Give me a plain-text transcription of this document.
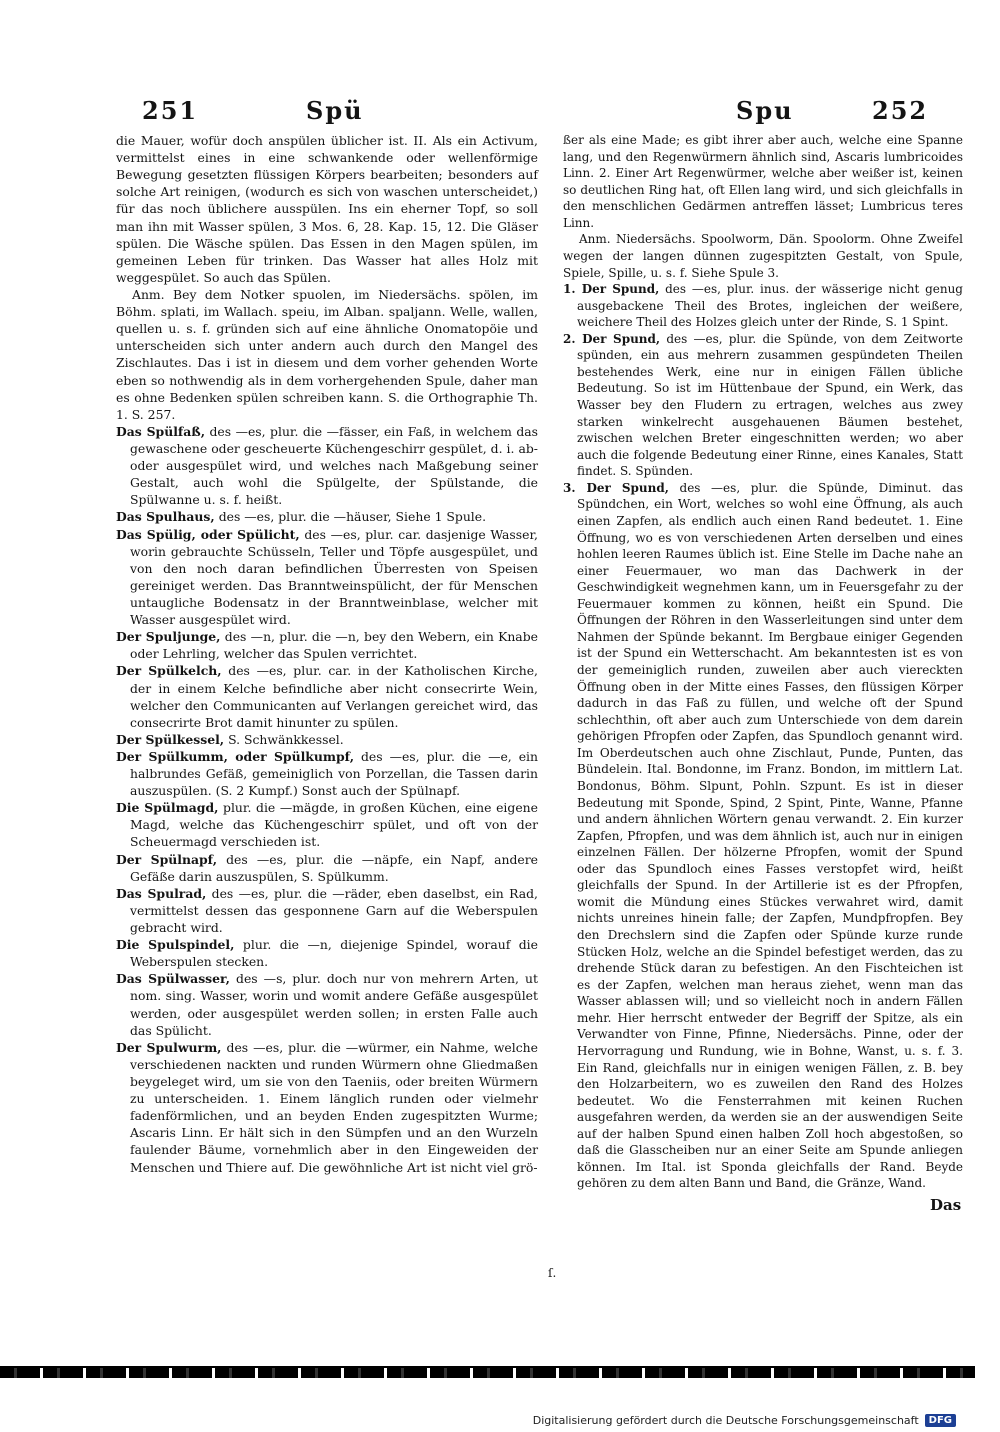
251	Spü	Spu	252

die Mauer, wofür doch anspülen üblicher ist. II. Als ein Activum, vermittelst eines in eine schwankende oder wellenförmige Bewegung gesetzten flüssigen Körpers bearbeiten; besonders auf solche Art reinigen, (wodurch es sich von waschen unterscheidet,) für das noch üblichere ausspülen. Ins ein eherner Topf, so soll man ihn mit Wasser spülen, 3 Mos. 6, 28. Kap. 15, 12. Die Gläser spülen. Die Wäsche spülen. Das Essen in den Magen spülen, im gemeinen Leben für trinken. Das Wasser hat alles Holz mit weggespület. So auch das Spülen.

Anm. Bey dem Notker spuolen, im Niedersächs. spölen, im Böhm. splati, im Wallach. speiu, im Alban. spaljann. Welle, wallen, quellen u. s. f. gründen sich auf eine ähnliche Onomatopöie und unterscheiden sich unter andern auch durch den Mangel des Zischlautes. Das i ist in diesem und dem vorher gehenden Worte eben so nothwendig als in dem vorhergehenden Spule, daher man es ohne Bedenken spülen schreiben kann. S. die Orthographie Th. 1. S. 257.

Das Spülfaß, des —es, plur. die —fässer, ein Faß, in welchem das gewaschene oder gescheuerte Küchengeschirr gespület, d. i. ab- oder ausgespület wird, und welches nach Maßgebung seiner Gestalt, auch wohl die Spülgelte, der Spülstande, die Spülwanne u. s. f. heißt.

Das Spulhaus, des —es, plur. die —häuser, Siehe 1 Spule.

Das Spülig, oder Spülicht, des —es, plur. car. dasjenige Wasser, worin gebrauchte Schüsseln, Teller und Töpfe ausgespület, und von den noch daran befindlichen Überresten von Speisen gereiniget werden. Das Branntweinspülicht, der für Menschen untaugliche Bodensatz in der Branntweinblase, welcher mit Wasser ausgespület wird.

Der Spuljunge, des —n, plur. die —n, bey den Webern, ein Knabe oder Lehrling, welcher das Spulen verrichtet.

Der Spülkelch, des —es, plur. car. in der Katholischen Kirche, der in einem Kelche befindliche aber nicht consecrirte Wein, welcher den Communicanten auf Verlangen gereichet wird, das consecrirte Brot damit hinunter zu spülen.

Der Spülkessel, S. Schwänkkessel.

Der Spülkumm, oder Spülkumpf, des —es, plur. die —e, ein halbrundes Gefäß, gemeiniglich von Porzellan, die Tassen darin auszuspülen. (S. 2 Kumpf.) Sonst auch der Spülnapf.

Die Spülmagd, plur. die —mägde, in großen Küchen, eine eigene Magd, welche das Küchengeschirr spület, und oft von der Scheuermagd verschieden ist.

Der Spülnapf, des —es, plur. die —näpfe, ein Napf, andere Gefäße darin auszuspülen, S. Spülkumm.

Das Spulrad, des —es, plur. die —räder, eben daselbst, ein Rad, vermittelst dessen das gesponnene Garn auf die Weberspulen gebracht wird.

Die Spulspindel, plur. die —n, diejenige Spindel, worauf die Weberspulen stecken.

Das Spülwasser, des —s, plur. doch nur von mehrern Arten, ut nom. sing. Wasser, worin und womit andere Gefäße ausgespület werden, oder ausgespület werden sollen; in ersten Falle auch das Spülicht.

Der Spulwurm, des —es, plur. die —würmer, ein Nahme, welche verschiedenen nackten und runden Würmern ohne Gliedmaßen beygeleget wird, um sie von den Taeniis, oder breiten Würmern zu unterscheiden. 1. Einem länglich runden oder vielmehr fadenförmlichen, und an beyden Enden zugespitzten Wurme; Ascaris Linn. Er hält sich in den Sümpfen und an den Wurzeln faulender Bäume, vornehmlich aber in den Eingeweiden der Menschen und Thiere auf. Die gewöhnliche Art ist nicht viel grö-

ßer als eine Made; es gibt ihrer aber auch, welche eine Spanne lang, und den Regenwürmern ähnlich sind, Ascaris lumbricoides Linn. 2. Einer Art Regenwürmer, welche aber weißer ist, keinen so deutlichen Ring hat, oft Ellen lang wird, und sich gleichfalls in den menschlichen Gedärmen antreffen lässet; Lumbricus teres Linn.

Anm. Niedersächs. Spoolworm, Dän. Spoolorm. Ohne Zweifel wegen der langen dünnen zugespitzten Gestalt, von Spule, Spiele, Spille, u. s. f. Siehe Spule 3.

1. Der Spund, des —es, plur. inus. der wässerige nicht genug ausgebackene Theil des Brotes, ingleichen der weißere, weichere Theil des Holzes gleich unter der Rinde, S. 1 Spint.

2. Der Spund, des —es, plur. die Spünde, von dem Zeitworte spünden, ein aus mehrern zusammen gespündeten Theilen bestehendes Werk, eine nur in einigen Fällen übliche Bedeutung. So ist im Hüttenbaue der Spund, ein Werk, das Wasser bey den Fludern zu ertragen, welches aus zwey starken winkelrecht ausgehauenen Bäumen bestehet, zwischen welchen Breter eingeschnitten werden; wo aber auch die folgende Bedeutung einer Rinne, eines Kanales, Statt findet. S. Spünden.

3. Der Spund, des —es, plur. die Spünde, Diminut. das Spündchen, ein Wort, welches so wohl eine Öffnung, als auch einen Zapfen, als endlich auch einen Rand bedeutet. 1. Eine Öffnung, wo es von verschiedenen Arten derselben und eines hohlen leeren Raumes üblich ist. Eine Stelle im Dache nahe an einer Feuermauer, wo man das Dachwerk in der Geschwindigkeit wegnehmen kann, um in Feuersgefahr zu der Feuermauer kommen zu können, heißt ein Spund. Die Öffnungen der Röhren in den Wasserleitungen sind unter dem Nahmen der Spünde bekannt. Im Bergbaue einiger Gegenden ist der Spund ein Wetterschacht. Am bekanntesten ist es von der gemeiniglich runden, zuweilen aber auch viereckten Öffnung oben in der Mitte eines Fasses, den flüssigen Körper dadurch in das Faß zu füllen, und welche oft der Spund schlechthin, oft aber auch zum Unterschiede von dem darein gehörigen Pfropfen oder Zapfen, das Spundloch genannt wird. Im Oberdeutschen auch ohne Zischlaut, Punde, Punten, das Bündelein. Ital. Bondonne, im Franz. Bondon, im mittlern Lat. Bondonus, Böhm. Slpunt, Pohln. Szpunt. Es ist in dieser Bedeutung mit Sponde, Spind, 2 Spint, Pinte, Wanne, Pfanne und andern ähnlichen Wörtern genau verwandt. 2. Ein kurzer Zapfen, Pfropfen, und was dem ähnlich ist, auch nur in einigen einzelnen Fällen. Der hölzerne Pfropfen, womit der Spund oder das Spundloch eines Fasses verstopfet wird, heißt gleichfalls der Spund. In der Artillerie ist es der Pfropfen, womit die Mündung eines Stückes verwahret wird, damit nichts unreines hinein falle; der Zapfen, Mundpfropfen. Bey den Drechslern sind die Zapfen oder Spünde kurze runde Stücken Holz, welche an die Spindel befestiget werden, das zu drehende Stück daran zu befestigen. An den Fischteichen ist es der Zapfen, welchen man heraus ziehet, wenn man das Wasser ablassen will; und so vielleicht noch in andern Fällen mehr. Hier herrscht entweder der Begriff der Spitze, als ein Verwandter von Finne, Pfinne, Niedersächs. Pinne, oder der Hervorragung und Rundung, wie in Bohne, Wanst, u. s. f. 3. Ein Rand, gleichfalls nur in einigen wenigen Fällen, z. B. bey den Holzarbeitern, wo es zuweilen den Rand des Holzes bedeutet. Wo die Fensterrahmen mit keinen Ruchen ausgefahren werden, da werden sie an der auswendigen Seite auf der halben Spund einen halben Zoll hoch abgestoßen, so daß die Glasscheiben nur an einer Seite am Spunde anliegen können. Im Ital. ist Sponda gleichfalls der Rand. Beyde gehören zu dem alten Bann und Band, die Gränze, Wand.

Das
ſ.
Digitalisierung gefördert durch die Deutsche Forschungsgemeinschaft	DFG
